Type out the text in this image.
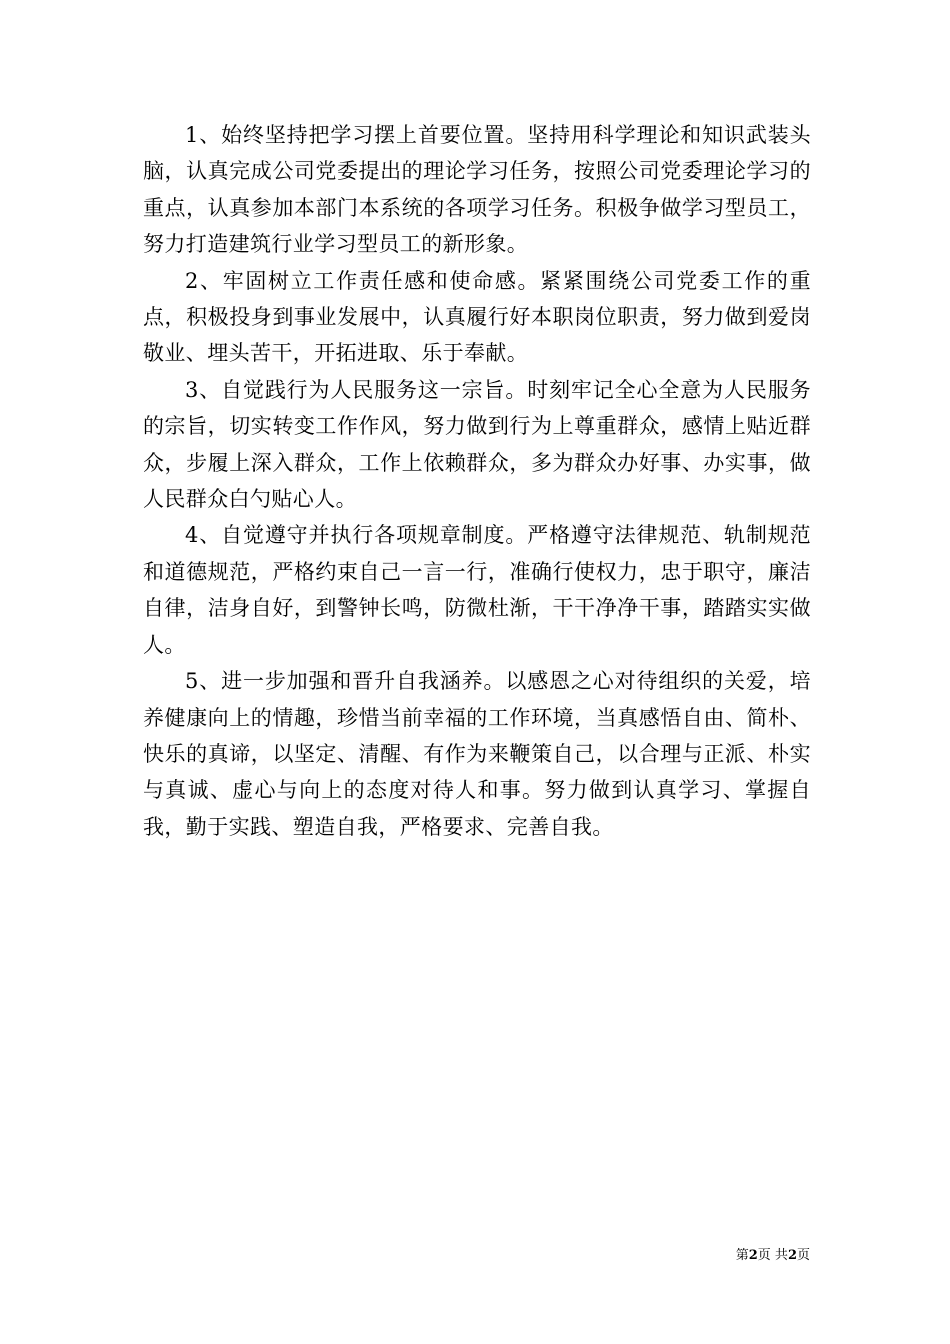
1、始终坚持把学习摆上首要位置。坚持用科学理论和知识武装头脑，认真完成公司党委提出的理论学习任务，按照公司党委理论学习的重点，认真参加本部门本系统的各项学习任务。积极争做学习型员工，努力打造建筑行业学习型员工的新形象。

2、牢固树立工作责任感和使命感。紧紧围绕公司党委工作的重点，积极投身到事业发展中，认真履行好本职岗位职责，努力做到爱岗敬业、埋头苦干，开拓进取、乐于奉献。

3、自觉践行为人民服务这一宗旨。时刻牢记全心全意为人民服务的宗旨，切实转变工作作风，努力做到行为上尊重群众，感情上贴近群众，步履上深入群众，工作上依赖群众，多为群众办好事、办实事，做人民群众白勺贴心人。

4、自觉遵守并执行各项规章制度。严格遵守法律规范、轨制规范和道德规范，严格约束自己一言一行，准确行使权力，忠于职守，廉洁自律，洁身自好，到警钟长鸣，防微杜渐，干干净净干事，踏踏实实做人。

5、进一步加强和晋升自我涵养。以感恩之心对待组织的关爱，培养健康向上的情趣，珍惜当前幸福的工作环境，当真感悟自由、简朴、快乐的真谛，以坚定、清醒、有作为来鞭策自己，以合理与正派、朴实与真诚、虚心与向上的态度对待人和事。努力做到认真学习、掌握自我，勤于实践、塑造自我，严格要求、完善自我。

第2页 共2页
